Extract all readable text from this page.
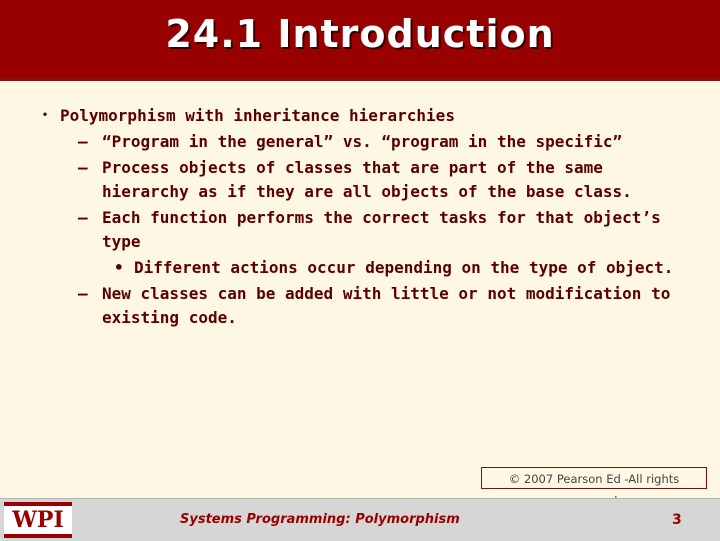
24.1 Introduction
• Polymorphism with inheritance hierarchies
– “Program in the general” vs. “program in the specific”
– Process objects of classes that are part of the same hierarchy as if they are all objects of the base class.
– Each function performs the correct tasks for that object’s type
• Different actions occur depending on the type of object.
– New classes can be added with little or not modification to existing code.
© 2007 Pearson Ed -All rights
WPI	Systems Programming: Polymorphism	3
